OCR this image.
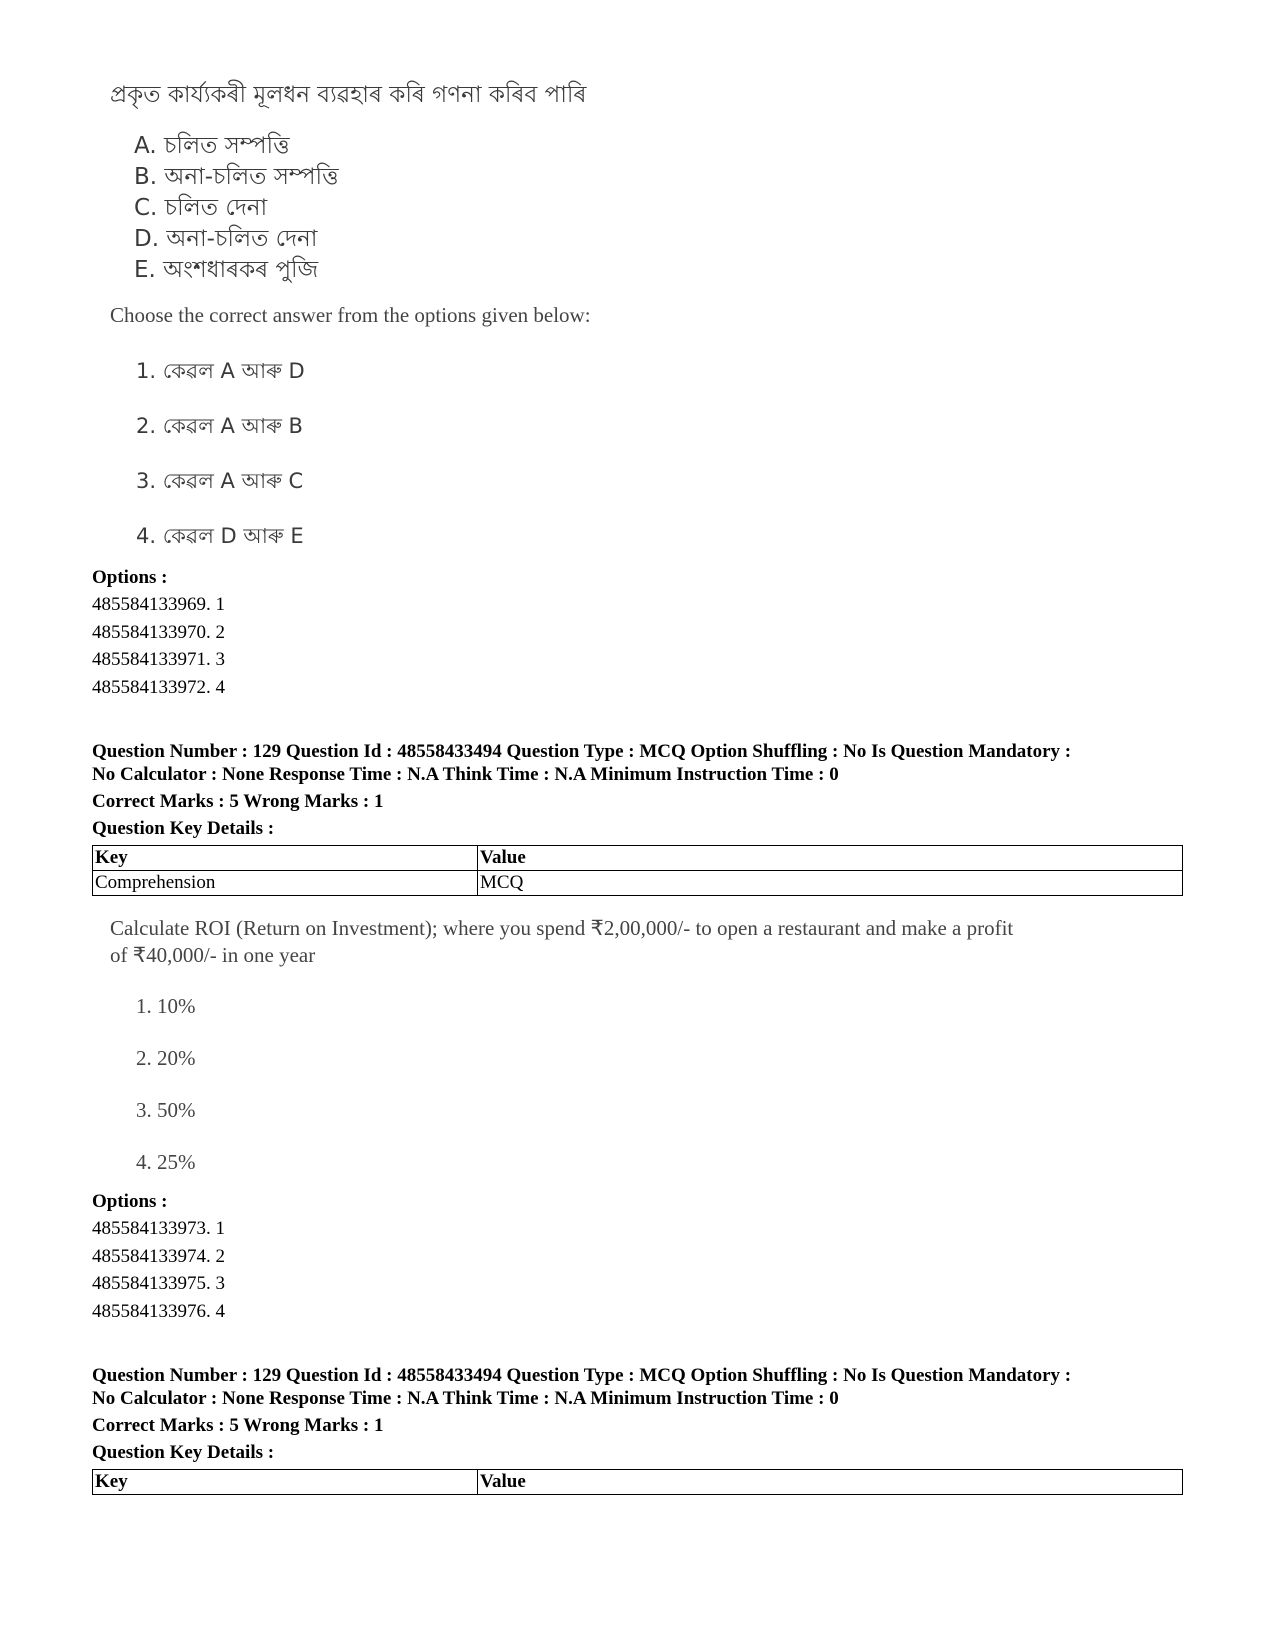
প্ৰকৃত কাৰ্য্যকৰী মূলধন ব্যৱহাৰ কৰি গণনা কৰিব পাৰি
A. চলিত সম্পত্তি
B. অনা-চলিত সম্পত্তি
C. চলিত দেনা
D. অনা-চলিত দেনা
E. অংশধাৰকৰ পুজি
Choose the correct answer from the options given below:
1. কেৱল A আৰু D
2. কেৱল A আৰু B
3. কেৱল A আৰু C
4. কেৱল D আৰু E
Options :
485584133969. 1
485584133970. 2
485584133971. 3
485584133972. 4
Question Number : 129 Question Id : 48558433494 Question Type : MCQ Option Shuffling : No Is Question Mandatory :
No Calculator : None Response Time : N.A Think Time : N.A Minimum Instruction Time : 0
Correct Marks : 5 Wrong Marks : 1
Question Key Details :
Key	Value
Comprehension	MCQ
Calculate ROI (Return on Investment); where you spend ₹2,00,000/- to open a restaurant and make a profit
of ₹40,000/- in one year
1. 10%
2. 20%
3. 50%
4. 25%
Options :
485584133973. 1
485584133974. 2
485584133975. 3
485584133976. 4
Question Number : 129 Question Id : 48558433494 Question Type : MCQ Option Shuffling : No Is Question Mandatory :
No Calculator : None Response Time : N.A Think Time : N.A Minimum Instruction Time : 0
Correct Marks : 5 Wrong Marks : 1
Question Key Details :
Key	Value
